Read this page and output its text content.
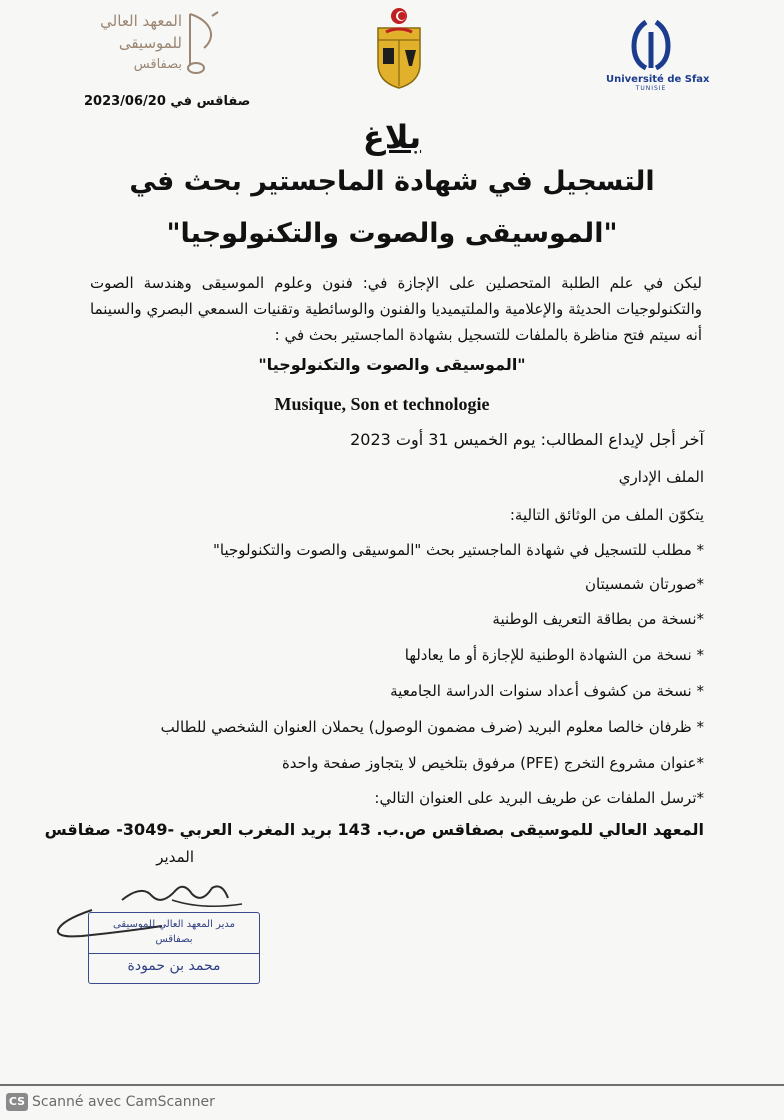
المعهد العالي
للموسيقى
بصفاقس
Université de Sfax
TUNISIE
صفاقس في 2023/06/20
بلاغ
التسجيل في شهادة الماجستير بحث في
"الموسيقى والصوت والتكنولوجيا"
ليكن في علم الطلبة المتحصلين على الإجازة في: فنون وعلوم الموسيقى وهندسة الصوت والتكنولوجيات الحديثة والإعلامية والملتيميديا والفنون والوسائطية وتقنيات السمعي البصري والسينما أنه سيتم فتح مناظرة بالملفات للتسجيل بشهادة الماجستير بحث في :
"الموسيقى والصوت والتكنولوجيا"
Musique, Son et technologie
آخر أجل لإيداع المطالب: يوم الخميس 31 أوت 2023
الملف الإداري
يتكوّن الملف من الوثائق التالية:
* مطلب للتسجيل في شهادة الماجستير بحث "الموسيقى والصوت والتكنولوجيا"
*صورتان شمسيتان
*نسخة من بطاقة التعريف الوطنية
* نسخة من الشهادة الوطنية للإجازة أو ما يعادلها
* نسخة من كشوف أعداد سنوات الدراسة الجامعية
* ظرفان خالصا معلوم البريد (ضرف مضمون الوصول) يحملان العنوان الشخصي للطالب
*عنوان مشروع التخرج (PFE) مرفوق بتلخيص لا يتجاوز صفحة واحدة
*ترسل الملفات عن طريف البريد على العنوان التالي:
المعهد العالي للموسيقى بصفاقس ص.ب. 143 بريد المغرب العربي -3049- صفاقس
المدير
مدير المعهد العالي للموسيقى
بصفاقس
محمد بن حمودة
CS Scanné avec CamScanner
